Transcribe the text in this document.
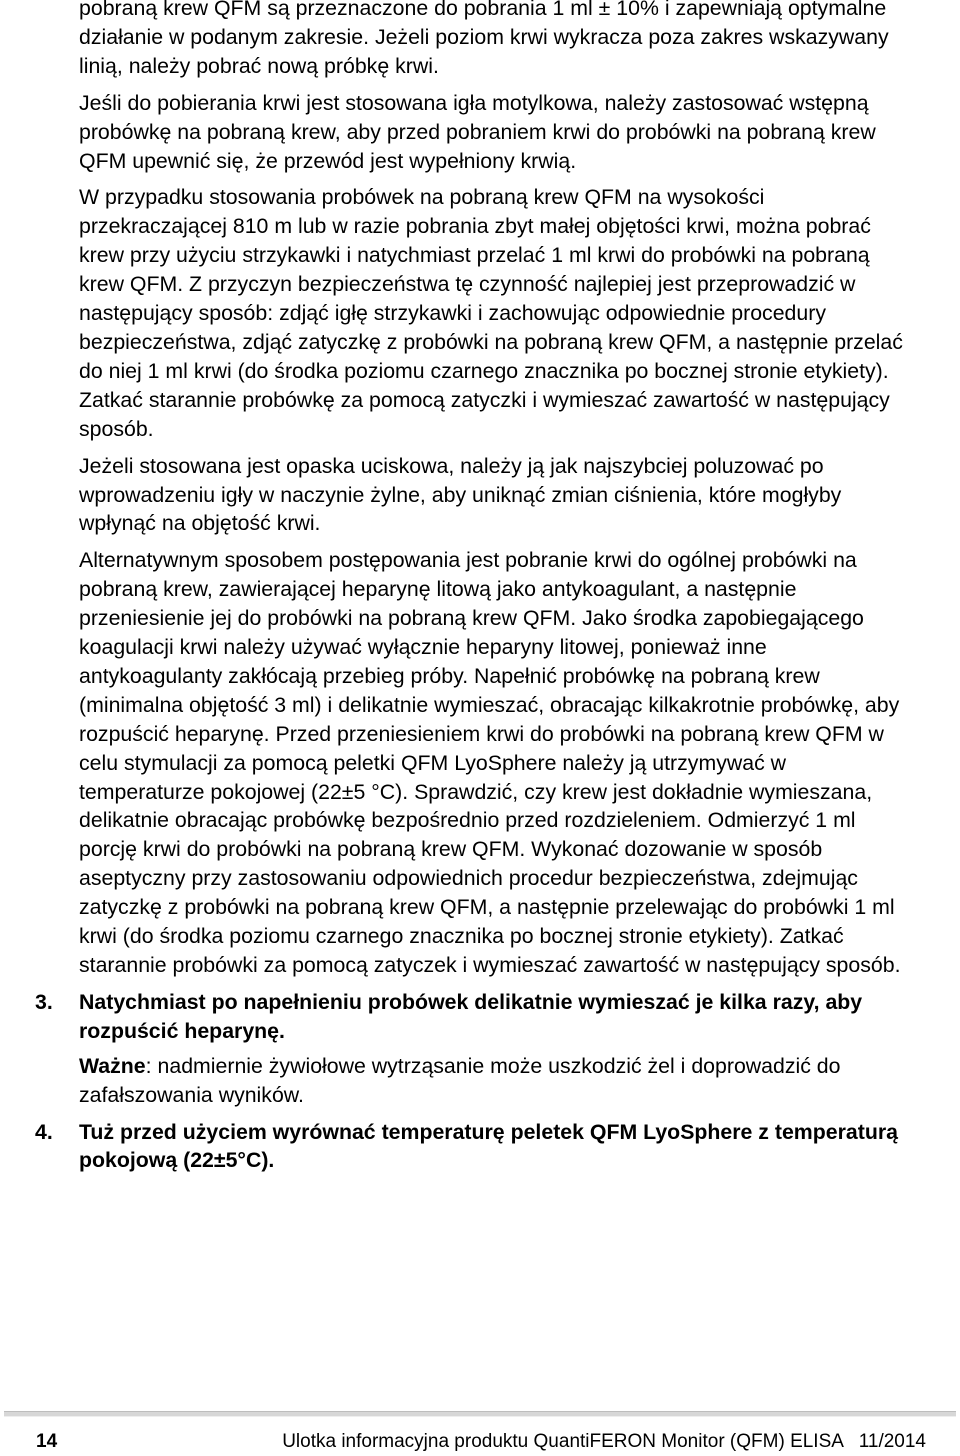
pobraną krew QFM są przeznaczone do pobrania 1 ml ± 10% i zapewniają optymalne działanie w podanym zakresie. Jeżeli poziom krwi wykracza poza zakres wskazywany linią, należy pobrać nową próbkę krwi.

Jeśli do pobierania krwi jest stosowana igła motylkowa, należy zastosować wstępną probówkę na pobraną krew, aby przed pobraniem krwi do probówki na pobraną krew QFM upewnić się, że przewód jest wypełniony krwią.

W przypadku stosowania probówek na pobraną krew QFM na wysokości przekraczającej 810 m lub w razie pobrania zbyt małej objętości krwi, można pobrać krew przy użyciu strzykawki i natychmiast przelać 1 ml krwi do probówki na pobraną krew QFM. Z przyczyn bezpieczeństwa tę czynność najlepiej jest przeprowadzić w następujący sposób: zdjąć igłę strzykawki i zachowując odpowiednie procedury bezpieczeństwa, zdjąć zatyczkę z probówki na pobraną krew QFM, a następnie przelać do niej 1 ml krwi (do środka poziomu czarnego znacznika po bocznej stronie etykiety). Zatkać starannie probówkę za pomocą zatyczki i wymieszać zawartość w następujący sposób.

Jeżeli stosowana jest opaska uciskowa, należy ją jak najszybciej poluzować po wprowadzeniu igły w naczynie żylne, aby uniknąć zmian ciśnienia, które mogłyby wpłynąć na objętość krwi.

Alternatywnym sposobem postępowania jest pobranie krwi do ogólnej probówki na pobraną krew, zawierającej heparynę litową jako antykoagulant, a następnie przeniesienie jej do probówki na pobraną krew QFM. Jako środka zapobiegającego koagulacji krwi należy używać wyłącznie heparyny litowej, ponieważ inne antykoagulanty zakłócają przebieg próby. Napełnić probówkę na pobraną krew (minimalna objętość 3 ml) i delikatnie wymieszać, obracając kilkakrotnie probówkę, aby rozpuścić heparynę. Przed przeniesieniem krwi do probówki na pobraną krew QFM w celu stymulacji za pomocą peletki QFM LyoSphere należy ją utrzymywać w temperaturze pokojowej (22±5 °C). Sprawdzić, czy krew jest dokładnie wymieszana, delikatnie obracając probówkę bezpośrednio przed rozdzieleniem. Odmierzyć 1 ml porcję krwi do probówki na pobraną krew QFM. Wykonać dozowanie w sposób aseptyczny przy zastosowaniu odpowiednich procedur bezpieczeństwa, zdejmując zatyczkę z probówki na pobraną krew QFM, a następnie przelewając do probówki 1 ml krwi (do środka poziomu czarnego znacznika po bocznej stronie etykiety). Zatkać starannie probówki za pomocą zatyczek i wymieszać zawartość w następujący sposób.

3. Natychmiast po napełnieniu probówek delikatnie wymieszać je kilka razy, aby rozpuścić heparynę.

Ważne: nadmiernie żywiołowe wytrząsanie może uszkodzić żel i doprowadzić do zafałszowania wyników.

4. Tuż przed użyciem wyrównać temperaturę peletek QFM LyoSphere z temperaturą pokojową (22±5°C).
14	Ulotka informacyjna produktu QuantiFERON Monitor (QFM) ELISA   11/2014
